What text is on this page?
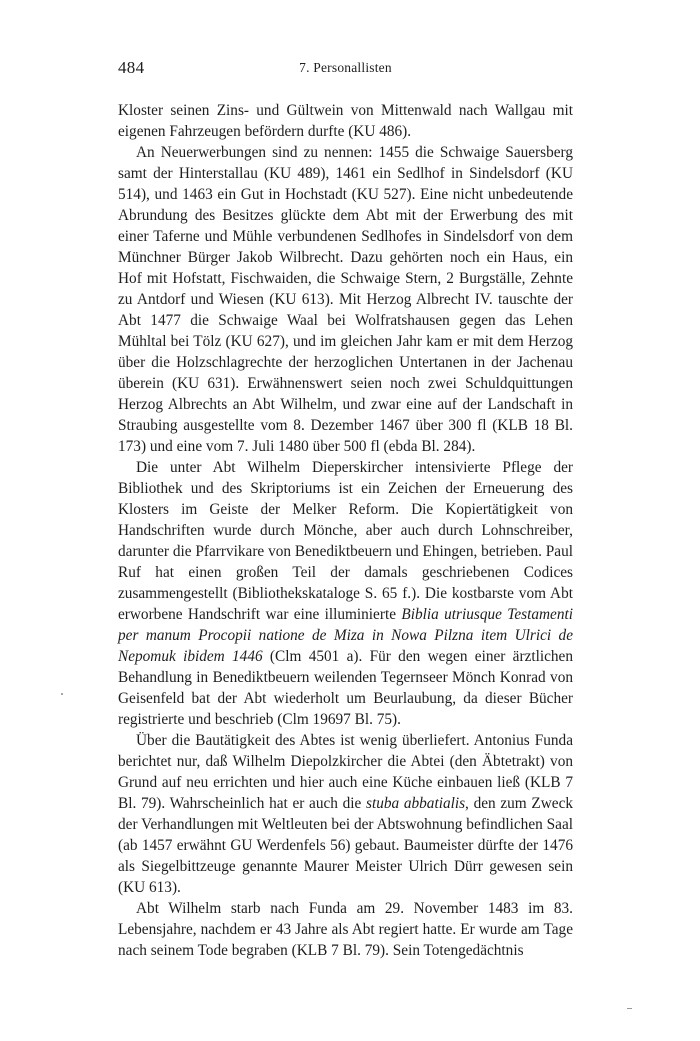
484	7. Personallisten

Kloster seinen Zins- und Gültwein von Mittenwald nach Wallgau mit eigenen Fahrzeugen befördern durfte (KU 486).

An Neuerwerbungen sind zu nennen: 1455 die Schwaige Sauersberg samt der Hinterstallau (KU 489), 1461 ein Sedlhof in Sindelsdorf (KU 514), und 1463 ein Gut in Hochstadt (KU 527). Eine nicht unbedeutende Abrundung des Besitzes glückte dem Abt mit der Erwerbung des mit einer Taferne und Mühle verbundenen Sedlhofes in Sindelsdorf von dem Münchner Bürger Jakob Wilbrecht. Dazu gehörten noch ein Haus, ein Hof mit Hofstatt, Fischwaiden, die Schwaige Stern, 2 Burgställe, Zehnte zu Antdorf und Wiesen (KU 613). Mit Herzog Albrecht IV. tauschte der Abt 1477 die Schwaige Waal bei Wolfratshausen gegen das Lehen Mühltal bei Tölz (KU 627), und im gleichen Jahr kam er mit dem Herzog über die Holzschlagrechte der herzoglichen Untertanen in der Jachenau überein (KU 631). Erwähnenswert seien noch zwei Schuldquittungen Herzog Albrechts an Abt Wilhelm, und zwar eine auf der Landschaft in Straubing ausgestellte vom 8. Dezember 1467 über 300 fl (KLB 18 Bl. 173) und eine vom 7. Juli 1480 über 500 fl (ebda Bl. 284).

Die unter Abt Wilhelm Dieperskircher intensivierte Pflege der Bibliothek und des Skriptoriums ist ein Zeichen der Erneuerung des Klosters im Geiste der Melker Reform. Die Kopiertätigkeit von Handschriften wurde durch Mönche, aber auch durch Lohnschreiber, darunter die Pfarrvikare von Benediktbeuern und Ehingen, betrieben. Paul Ruf hat einen großen Teil der damals geschriebenen Codices zusammengestellt (Bibliothekskataloge S. 65 f.). Die kostbarste vom Abt erworbene Handschrift war eine illuminierte Biblia utriusque Testamenti per manum Procopii natione de Miza in Nowa Pilzna item Ulrici de Nepomuk ibidem 1446 (Clm 4501 a). Für den wegen einer ärztlichen Behandlung in Benediktbeuern weilenden Tegernseer Mönch Konrad von Geisenfeld bat der Abt wiederholt um Beurlaubung, da dieser Bücher registrierte und beschrieb (Clm 19697 Bl. 75).

Über die Bautätigkeit des Abtes ist wenig überliefert. Antonius Funda berichtet nur, daß Wilhelm Diepolzkircher die Abtei (den Äbtetrakt) von Grund auf neu errichten und hier auch eine Küche einbauen ließ (KLB 7 Bl. 79). Wahrscheinlich hat er auch die stuba abbatialis, den zum Zweck der Verhandlungen mit Weltleuten bei der Abtswohnung befindlichen Saal (ab 1457 erwähnt GU Werdenfels 56) gebaut. Baumeister dürfte der 1476 als Siegelbittzeuge genannte Maurer Meister Ulrich Dürr gewesen sein (KU 613).

Abt Wilhelm starb nach Funda am 29. November 1483 im 83. Lebensjahre, nachdem er 43 Jahre als Abt regiert hatte. Er wurde am Tage nach seinem Tode begraben (KLB 7 Bl. 79). Sein Totengedächtnis
